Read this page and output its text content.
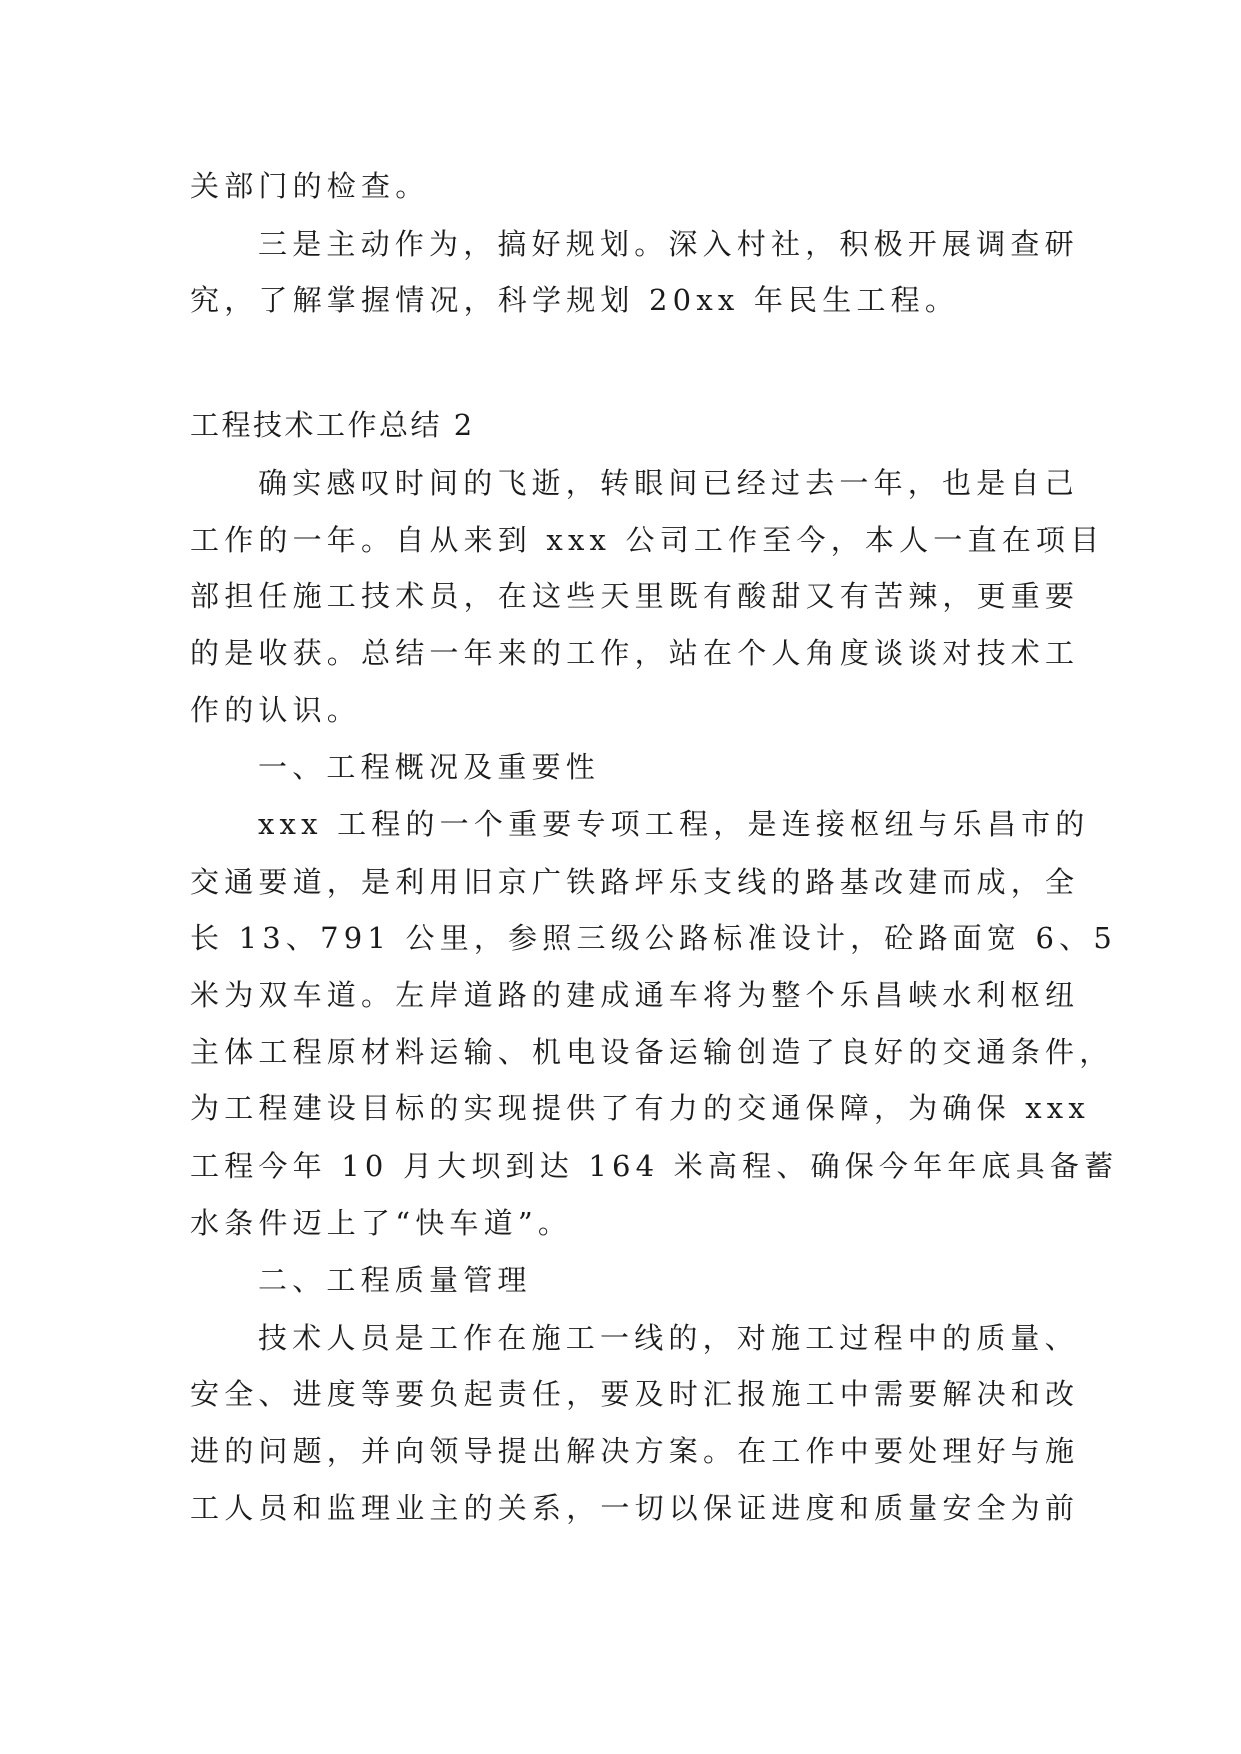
关部门的检查。
三是主动作为，搞好规划。深入村社，积极开展调查研
究，了解掌握情况，科学规划 20xx 年民生工程。
工程技术工作总结 2
确实感叹时间的飞逝，转眼间已经过去一年，也是自己
工作的一年。自从来到 xxx 公司工作至今，本人一直在项目
部担任施工技术员，在这些天里既有酸甜又有苦辣，更重要
的是收获。总结一年来的工作，站在个人角度谈谈对技术工
作的认识。
一、工程概况及重要性
xxx 工程的一个重要专项工程，是连接枢纽与乐昌市的
交通要道，是利用旧京广铁路坪乐支线的路基改建而成，全
长 13、791 公里，参照三级公路标准设计，砼路面宽 6、5
米为双车道。左岸道路的建成通车将为整个乐昌峡水利枢纽
主体工程原材料运输、机电设备运输创造了良好的交通条件，
为工程建设目标的实现提供了有力的交通保障，为确保 xxx
工程今年 10 月大坝到达 164 米高程、确保今年年底具备蓄
水条件迈上了“快车道”。
二、工程质量管理
技术人员是工作在施工一线的，对施工过程中的质量、
安全、进度等要负起责任，要及时汇报施工中需要解决和改
进的问题，并向领导提出解决方案。在工作中要处理好与施
工人员和监理业主的关系，一切以保证进度和质量安全为前
